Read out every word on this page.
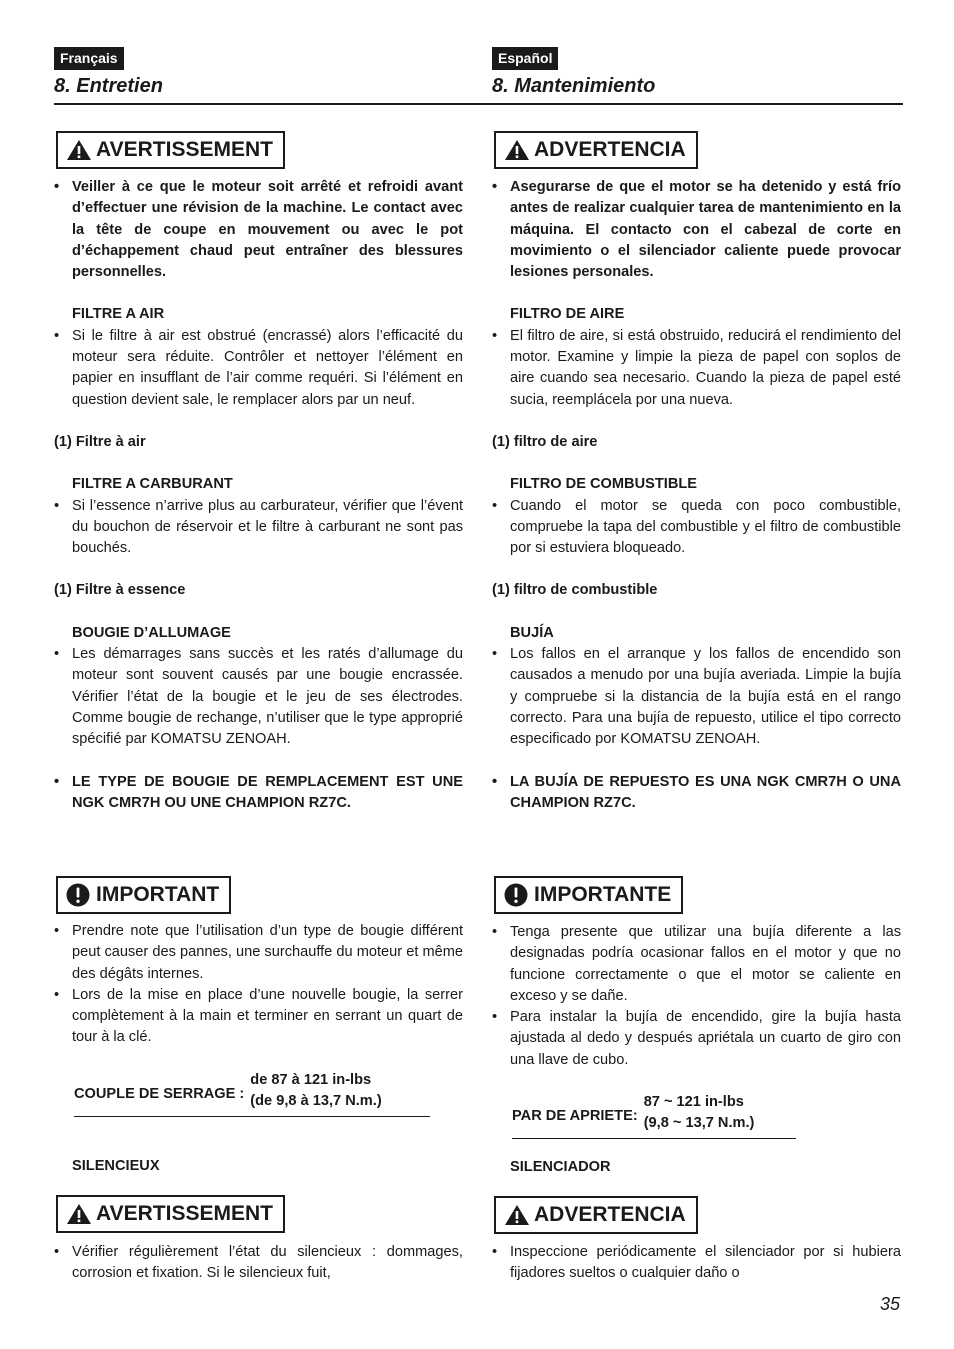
Français
8. Entretien
AVERTISSEMENT
• Veiller à ce que le moteur soit arrêté et refroidi avant d’effectuer une révision de la machine. Le contact avec la tête de coupe en mouvement ou avec le pot d’échappement chaud peut entraîner des blessures personnelles.
FILTRE A AIR
• Si le filtre à air est obstrué (encrassé) alors l’efficacité du moteur sera réduite. Contrôler et nettoyer l’élément en papier en insufflant de l’air comme requéri. Si l’élément en question devient sale, le remplacer alors par un neuf.
(1) Filtre à air
FILTRE A CARBURANT
• Si l’essence n’arrive plus au carburateur, vérifier que l’évent du bouchon de réservoir et le filtre à carburant ne sont pas bouchés.
(1) Filtre à essence
BOUGIE D’ALLUMAGE
• Les démarrages sans succès et les ratés d’allumage du moteur sont souvent causés par une bougie encrassée. Vérifier l’état de la bougie et le jeu de ses électrodes. Comme bougie de rechange, n’utiliser que le type approprié spécifié par KOMATSU ZENOAH.
• LE TYPE DE BOUGIE DE REMPLACEMENT EST UNE NGK CMR7H OU UNE CHAMPION RZ7C.
IMPORTANT
• Prendre note que l’utilisation d’un type de bougie différent peut causer des pannes, une surchauffe du moteur et même des dégâts internes.
• Lors de la mise en place d’une nouvelle bougie, la serrer complètement à la main et terminer en serrant un quart de tour à la clé.
COUPLE DE SERRAGE :
de 87 à 121 in-lbs
(de 9,8 à 13,7 N.m.)
SILENCIEUX
AVERTISSEMENT
• Vérifier régulièrement l’état du silencieux : dommages, corrosion et fixation. Si le silencieux fuit,
Español
8. Mantenimiento
ADVERTENCIA
• Asegurarse de que el motor se ha detenido y está frío antes de realizar cualquier tarea de mantenimiento en la máquina. El contacto con el cabezal de corte en movimiento o el silenciador caliente puede provocar lesiones personales.
FILTRO DE AIRE
• El filtro de aire, si está obstruido, reducirá el rendimiento del motor. Examine y limpie la pieza de papel con soplos de aire cuando sea necesario. Cuando la pieza de papel esté sucia, reemplácela por una nueva.
(1) filtro de aire
FILTRO DE COMBUSTIBLE
• Cuando el motor se queda con poco combustible, compruebe la tapa del combustible y el filtro de combustible por si estuviera bloqueado.
(1) filtro de combustible
BUJÍA
• Los fallos en el arranque y los fallos de encendido son causados a menudo por una bujía averiada. Limpie la bujía y compruebe si la distancia de la bujía está en el rango correcto. Para una bujía de repuesto, utilice el tipo correcto especificado por KOMATSU ZENOAH.
• LA BUJÍA DE REPUESTO ES UNA NGK CMR7H O UNA CHAMPION RZ7C.
IMPORTANTE
• Tenga presente que utilizar una bujía diferente a las designadas podría ocasionar fallos en el motor y que no funcione correctamente o que el motor se caliente en exceso y se dañe.
• Para instalar la bujía de encendido, gire la bujía hasta ajustada al dedo y después apriétala un cuarto de giro con una llave de cubo.
PAR DE APRIETE:
87 ~ 121 in-lbs
(9,8 ~ 13,7 N.m.)
SILENCIADOR
ADVERTENCIA
• Inspeccione periódicamente el silenciador por si hubiera fijadores sueltos o cualquier daño o
35
